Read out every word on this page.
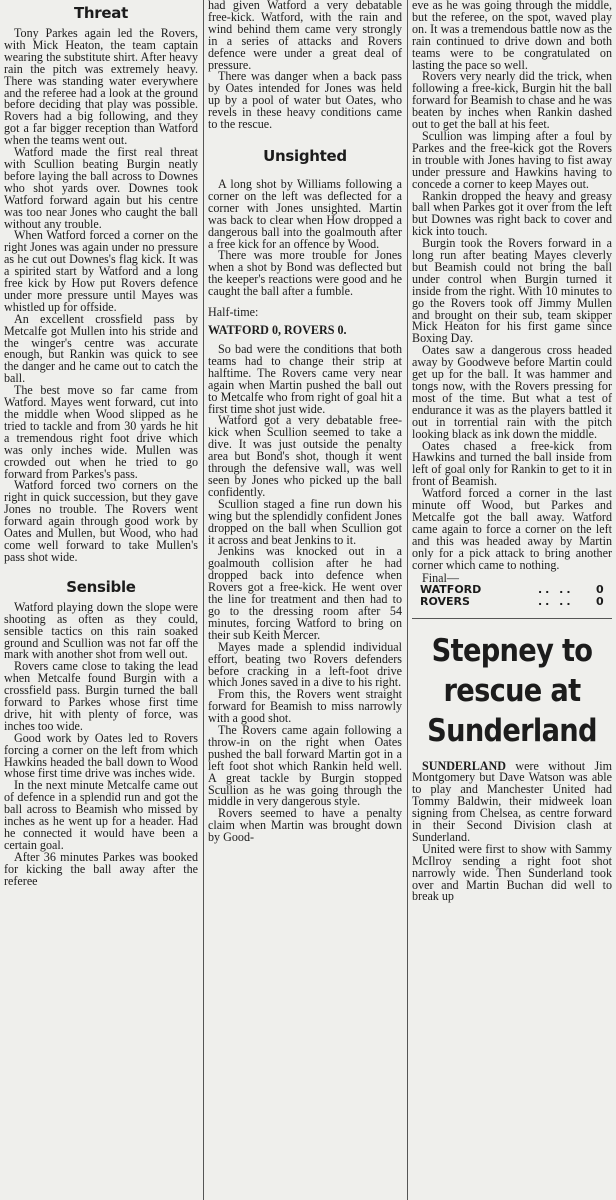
Threat

Tony Parkes again led the Rovers, with Mick Heaton, the team captain wearing the substitute shirt. After heavy rain the pitch was extremely heavy. There was standing water everywhere and the referee had a look at the ground before deciding that play was possible. Rovers had a big following, and they got a far bigger reception than Watford when the teams went out.

Watford made the first real threat with Scullion beating Burgin neatly before laying the ball across to Downes who shot yards over. Downes took Watford forward again but his centre was too near Jones who caught the ball without any trouble.

When Watford forced a corner on the right Jones was again under no pressure as he cut out Downes's flag kick. It was a spirited start by Watford and a long free kick by How put Rovers defence under more pressure until Mayes was whistled up for offside.

An excellent crossfield pass by Metcalfe got Mullen into his stride and the winger's centre was accurate enough, but Rankin was quick to see the danger and he came out to catch the ball.

The best move so far came from Watford. Mayes went forward, cut into the middle when Wood slipped as he tried to tackle and from 30 yards he hit a tremendous right foot drive which was only inches wide. Mullen was crowded out when he tried to go forward from Parkes's pass.

Watford forced two corners on the right in quick succession, but they gave Jones no trouble. The Rovers went forward again through good work by Oates and Mullen, but Wood, who had come well forward to take Mullen's pass shot wide.

Sensible

Watford playing down the slope were shooting as often as they could, sensible tactics on this rain soaked ground and Scullion was not far off the mark with another shot from well out.

Rovers came close to taking the lead when Metcalfe found Burgin with a crossfield pass. Burgin turned the ball forward to Parkes whose first time drive, hit with plenty of force, was inches too wide.

Good work by Oates led to Rovers forcing a corner on the left from which Hawkins headed the ball down to Wood whose first time drive was inches wide.

In the next minute Metcalfe came out of defence in a splendid run and got the ball across to Beamish who missed by inches as he went up for a header. Had he connected it would have been a certain goal.

After 36 minutes Parkes was booked for kicking the ball away after the referee

had given Watford a very debatable free-kick. Watford, with the rain and wind behind them came very strongly in a series of attacks and Rovers defence were under a great deal of pressure.

There was danger when a back pass by Oates intended for Jones was held up by a pool of water but Oates, who revels in these heavy conditions came to the rescue.

Unsighted

A long shot by Williams following a corner on the left was deflected for a corner with Jones unsighted. Martin was back to clear when How dropped a dangerous ball into the goalmouth after a free kick for an offence by Wood.

There was more trouble for Jones when a shot by Bond was deflected but the keeper's reactions were good and he caught the ball after a fumble.

Half-time:
WATFORD 0, ROVERS 0.

So bad were the conditions that both teams had to change their strip at halftime. The Rovers came very near again when Martin pushed the ball out to Metcalfe who from right of goal hit a first time shot just wide.

Watford got a very debatable free-kick when Scullion seemed to take a dive. It was just outside the penalty area but Bond's shot, though it went through the defensive wall, was well seen by Jones who picked up the ball confidently.

Scullion staged a fine run down his wing but the splendidly confident Jones dropped on the ball when Scullion got it across and beat Jenkins to it.

Jenkins was knocked out in a goalmouth collision after he had dropped back into defence when Rovers got a free-kick. He went over the line for treatment and then had to go to the dressing room after 54 minutes, forcing Watford to bring on their sub Keith Mercer.

Mayes made a splendid individual effort, beating two Rovers defenders before cracking in a left-foot drive which Jones saved in a dive to his right.

From this, the Rovers went straight forward for Beamish to miss narrowly with a good shot.

The Rovers came again following a throw-in on the right when Oates pushed the ball forward Martin got in a left foot shot which Rankin held well. A great tackle by Burgin stopped Scullion as he was going through the middle in very dangerous style.

Rovers seemed to have a penalty claim when Martin was brought down by Good-

eve as he was going through the middle, but the referee, on the spot, waved play on. It was a tremendous battle now as the rain continued to drive down and both teams were to be congratulated on lasting the pace so well.

Rovers very nearly did the trick, when following a free-kick, Burgin hit the ball forward for Beamish to chase and he was beaten by inches when Rankin dashed out to get the ball at his feet.

Scullion was limping after a foul by Parkes and the free-kick got the Rovers in trouble with Jones having to fist away under pressure and Hawkins having to concede a corner to keep Mayes out.

Rankin dropped the heavy and greasy ball when Parkes got it over from the left but Downes was right back to cover and kick into touch.

Burgin took the Rovers forward in a long run after beating Mayes cleverly but Beamish could not bring the ball under control when Burgin turned it inside from the right. With 10 minutes to go the Rovers took off Jimmy Mullen and brought on their sub, team skipper Mick Heaton for his first game since Boxing Day.

Oates saw a dangerous cross headed away by Goodweve before Martin could get up for the ball. It was hammer and tongs now, with the Rovers pressing for most of the time. But what a test of endurance it was as the players battled it out in torrential rain with the pitch looking black as ink down the middle.

Oates chased a free-kick from Hawkins and turned the ball inside from left of goal only for Rankin to get to it in front of Beamish.

Watford forced a corner in the last minute off Wood, but Parkes and Metcalfe got the ball away. Watford came again to force a corner on the left and this was headed away by Martin only for a pick attack to bring another corner which came to nothing.

Final—
WATFORD	.. ..	0
ROVERS	.. ..	0
Stepney to
rescue at
Sunderland

SUNDERLAND were without Jim Montgomery but Dave Watson was able to play and Manchester United had Tommy Baldwin, their midweek loan signing from Chelsea, as centre forward in their Second Division clash at Sunderland.

United were first to show with Sammy McIlroy sending a right foot shot narrowly wide. Then Sunderland took over and Martin Buchan did well to break up
